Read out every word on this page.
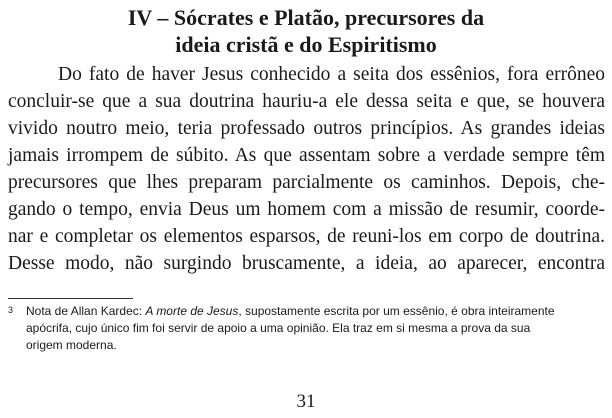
IV – Sócrates e Platão, precursores da
ideia cristã e do Espiritismo

Do fato de haver Jesus conhecido a seita dos essênios, fora errôneo

concluir-se que a sua doutrina hauriu-a ele dessa seita e que, se houvera

vivido noutro meio, teria professado outros princípios. As grandes ideias

jamais irrompem de súbito. As que assentam sobre a verdade sempre têm

precursores que lhes preparam parcialmente os caminhos. Depois, che-

gando o tempo, envia Deus um homem com a missão de resumir, coorde-

nar e completar os elementos esparsos, de reuni-los em corpo de doutrina.

Desse modo, não surgindo bruscamente, a ideia, ao aparecer, encontra

3 Nota de Allan Kardec: A morte de Jesus, supostamente escrita por um essênio, é obra inteiramente
apócrifa, cujo único fim foi servir de apoio a uma opinião. Ela traz em si mesma a prova da sua
origem moderna.
31
